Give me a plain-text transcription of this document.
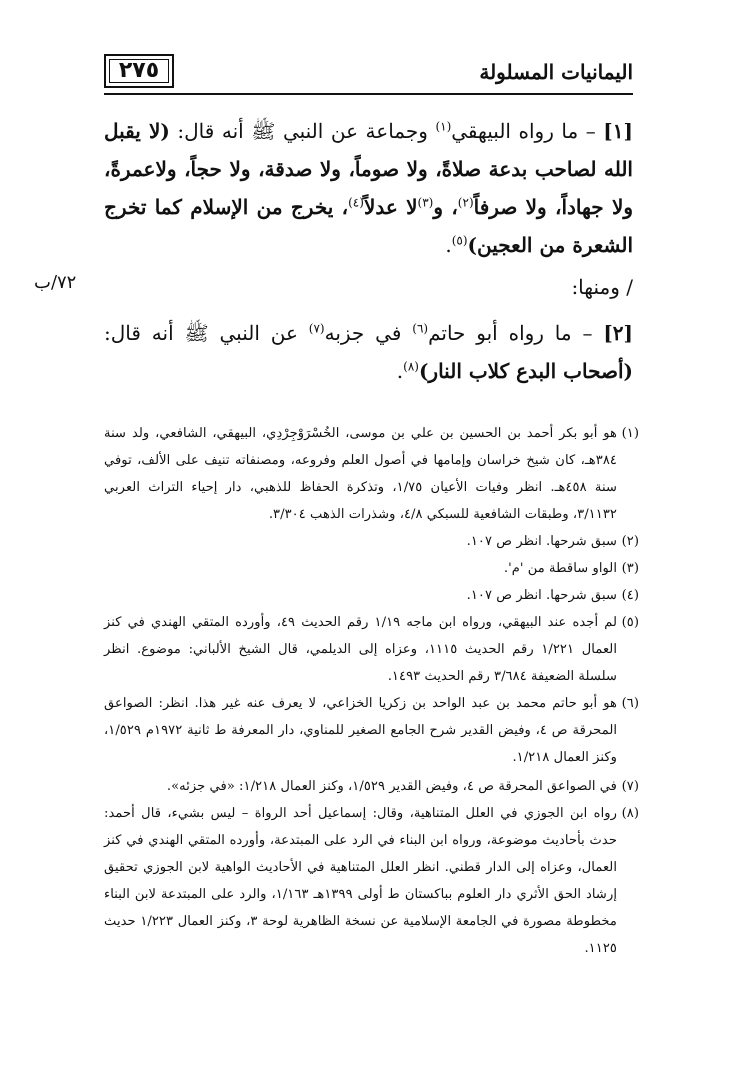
اليمانيات المسلولة
٢٧٥
[١] – ما رواه البيهقي$^{(١)}$ وجماعة عن النبي ﷺ أنه قال: (لا يقبل الله لصاحب بدعة صلاةً، ولا صوماً، ولا صدقة، ولا حجاً، ولاعمرةً، ولا جهاداً، ولا صرفاً$^{(٢)}$، و$^{(٣)}$لا عدلاً$^{(٤)}$، يخرج من الإسلام كما تخرج الشعرة من العجين)$^{(٥)}$.
/ ومنها:
٧٢/ب
[٢] – ما رواه أبو حاتم$^{(٦)}$ في جزبه$^{(٧)}$ عن النبي ﷺ أنه قال: (أصحاب البدع كلاب النار)$^{(٨)}$.

(١)
هو أبو بكر أحمد بن الحسين بن علي بن موسى، الخُسْرَوْجِرْدِي، البيهقي، الشافعي، ولد سنة ٣٨٤هـ، كان شيخ خراسان وإمامها في أصول العلم وفروعه، ومصنفاته تنيف على الألف، توفي سنة ٤٥٨هـ. انظر وفيات الأعيان ١/٧٥، وتذكرة الحفاظ للذهبي، دار إحياء التراث العربي ٣/١١٣٢، وطبقات الشافعية للسبكي ٤/٨، وشذرات الذهب ٣/٣٠٤.

(٢)
سبق شرحها. انظر ص ١٠٧.

(٣)
الواو ساقطة من 'م'.

(٤)
سبق شرحها. انظر ص ١٠٧.

(٥)
لم أجده عند البيهقي، ورواه ابن ماجه ١/١٩ رقم الحديث ٤٩، وأورده المتقي الهندي في كنز العمال ١/٢٢١ رقم الحديث ١١١٥، وعزاه إلى الديلمي، قال الشيخ الألباني: موضوع. انظر سلسلة الضعيفة ٣/٦٨٤ رقم الحديث ١٤٩٣.

(٦)
هو أبو حاتم محمد بن عبد الواحد بن زكريا الخزاعي، لا يعرف عنه غير هذا. انظر: الصواعق المحرقة ص ٤، وفيض القدير شرح الجامع الصغير للمناوي، دار المعرفة ط ثانية ١٩٧٢م ١/٥٢٩، وكنز العمال ١/٢١٨.

(٧)
في الصواعق المحرقة ص ٤، وفيض القدير ١/٥٢٩، وكنز العمال ١/٢١٨: «في جزئه».

(٨)
رواه ابن الجوزي في العلل المتناهية، وقال: إسماعيل أحد الرواة – ليس بشيء، قال أحمد: حدث بأحاديث موضوعة، ورواه ابن البناء في الرد على المبتدعة، وأورده المتقي الهندي في كنز العمال، وعزاه إلى الدار قطني. انظر العلل المتناهية في الأحاديث الواهية لابن الجوزي تحقيق إرشاد الحق الأثري دار العلوم بباكستان ط أولى ١٣٩٩هـ ١/١٦٣، والرد على المبتدعة لابن البناء مخطوطة مصورة في الجامعة الإسلامية عن نسخة الظاهرية لوحة ٣، وكنز العمال ١/٢٢٣ حديث ١١٢٥.
